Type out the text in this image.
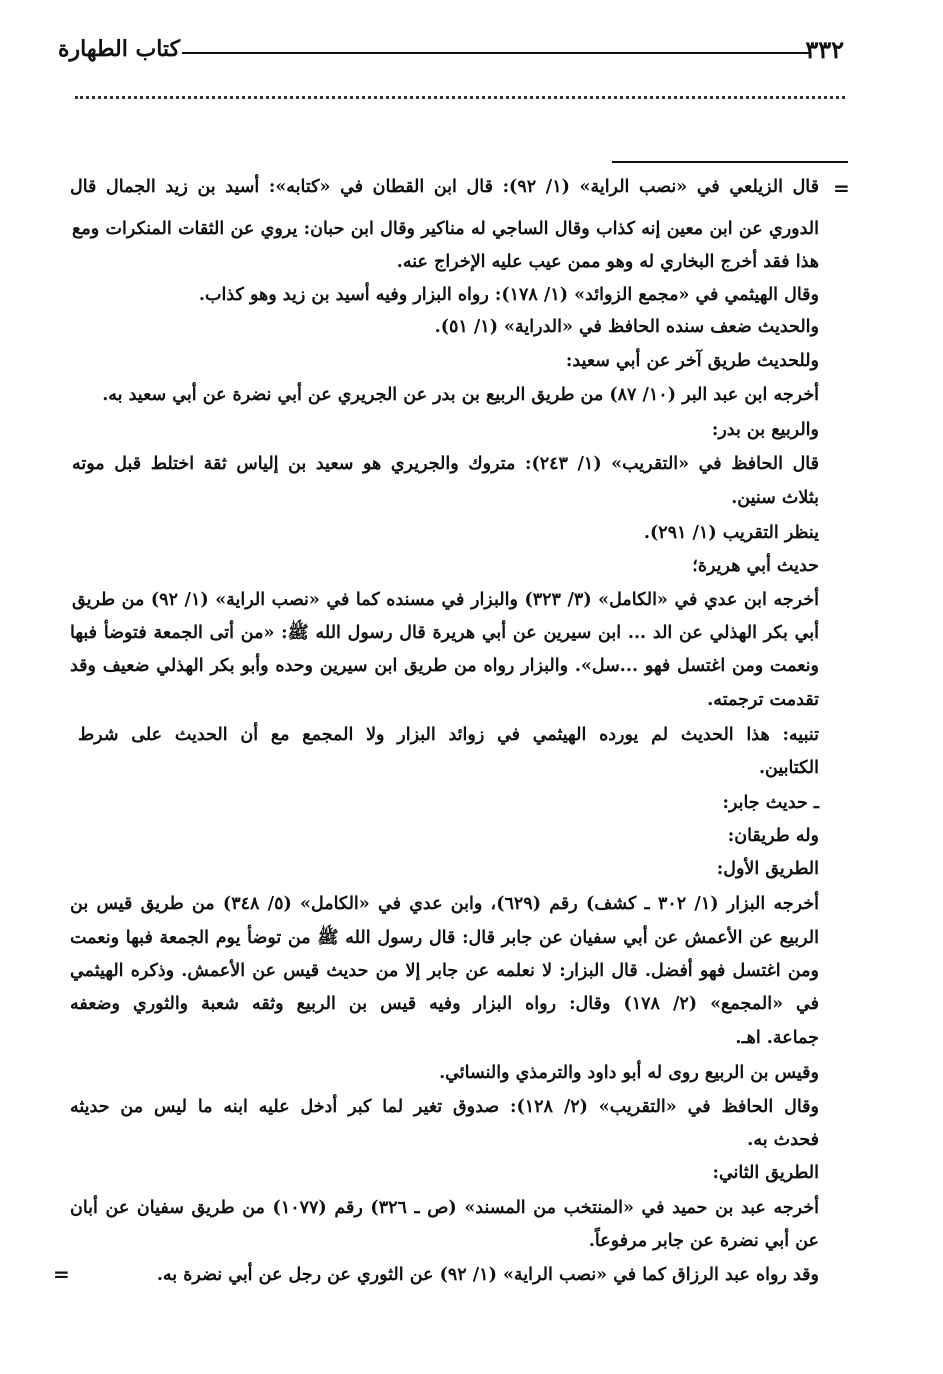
٣٣٢
كتاب الطهارة
=
=
قال الزيلعي في «نصب الراية» (١/ ٩٢): قال ابن القطان في «كتابه»: أسيد بن زيد الجمال قال
الدوري عن ابن معين إنه كذاب وقال الساجي له مناكير وقال ابن حبان: يروي عن الثقات المنكرات ومع
هذا فقد أخرج البخاري له وهو ممن عيب عليه الإخراج عنه.
وقال الهيثمي في «مجمع الزوائد» (١/ ١٧٨): رواه البزار وفيه أسيد بن زيد وهو كذاب.
والحديث ضعف سنده الحافظ في «الدراية» (١/ ٥١).
وللحديث طريق آخر عن أبي سعيد:
أخرجه ابن عبد البر (١٠/ ٨٧) من طريق الربيع بن بدر عن الجريري عن أبي نضرة عن أبي سعيد به.
والربيع بن بدر:
قال الحافظ في «التقريب» (١/ ٢٤٣): متروك والجريري هو سعيد بن إلياس ثقة اختلط قبل موته
بثلاث سنين.
ينظر التقريب (١/ ٢٩١).
حديث أبي هريرة؛
أخرجه ابن عدي في «الكامل» (٣/ ٣٢٣) والبزار في مسنده كما في «نصب الراية» (١/ ٩٢) من طريق
أبي بكر الهذلي عن الد ... ابن سيرين عن أبي هريرة قال رسول الله ﷺ: «من أتى الجمعة فتوضأ فبها
ونعمت ومن اغتسل فهو ...سل». والبزار رواه من طريق ابن سيرين وحده وأبو بكر الهذلي ضعيف وقد
تقدمت ترجمته.
تنبيه: هذا الحديث لم يورده الهيثمي في زوائد البزار ولا المجمع مع أن الحديث على شرط
الكتابين.
ـ حديث جابر:
وله طريقان:
الطريق الأول:
أخرجه البزار (١/ ٣٠٢ ـ كشف) رقم (٦٢٩)، وابن عدي في «الكامل» (٥/ ٣٤٨) من طريق قيس بن
الربيع عن الأعمش عن أبي سفيان عن جابر قال: قال رسول الله ﷺ من توضأ يوم الجمعة فبها ونعمت
ومن اغتسل فهو أفضل. قال البزار: لا نعلمه عن جابر إلا من حديث قيس عن الأعمش. وذكره الهيثمي
في «المجمع» (٢/ ١٧٨) وقال: رواه البزار وفيه قيس بن الربيع وثقه شعبة والثوري وضعفه
جماعة. اهـ.
وقيس بن الربيع روى له أبو داود والترمذي والنسائي.
وقال الحافظ في «التقريب» (٢/ ١٢٨): صدوق تغير لما كبر أدخل عليه ابنه ما ليس من حديثه
فحدث به.
الطريق الثاني:
أخرجه عبد بن حميد في «المنتخب من المسند» (ص ـ ٣٢٦) رقم (١٠٧٧) من طريق سفيان عن أبان
عن أبي نضرة عن جابر مرفوعاً.
وقد رواه عبد الرزاق كما في «نصب الراية» (١/ ٩٢) عن الثوري عن رجل عن أبي نضرة به.
